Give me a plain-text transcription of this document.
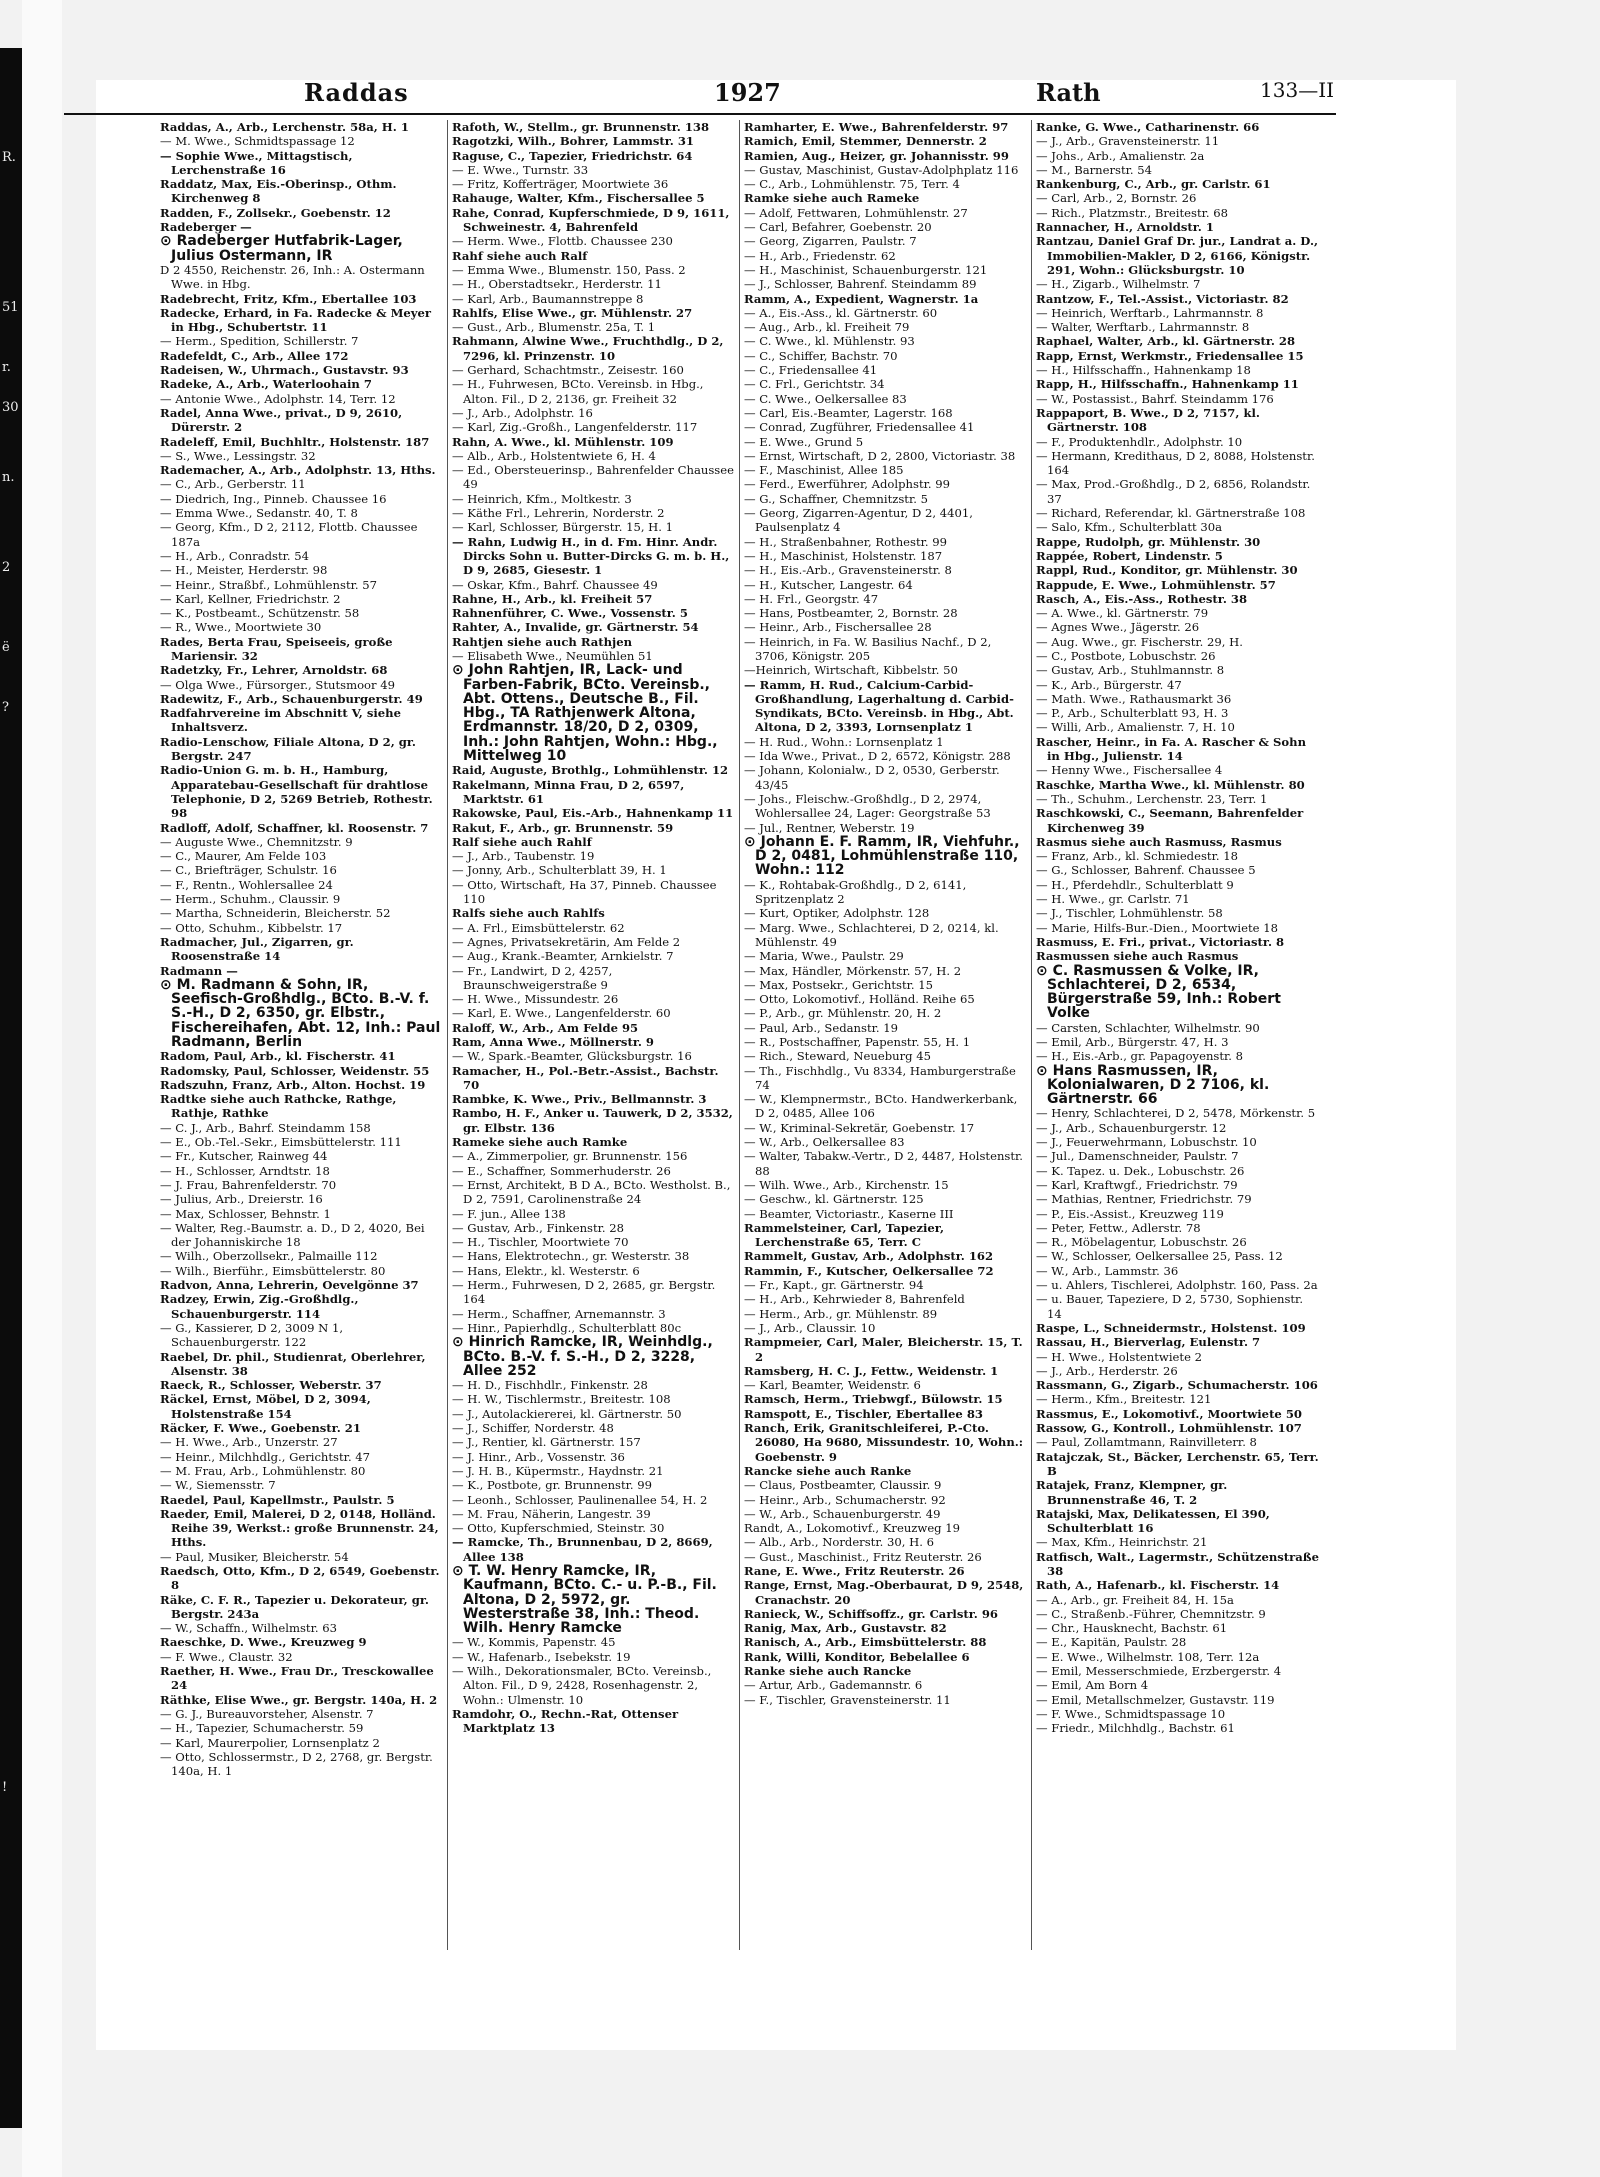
Raddas	1927	Rath	133—II

Raddas, A., Arb., Lerchenstr. 58a, H. 1

— M. Wwe., Schmidtspassage 12

— Sophie Wwe., Mittagstisch, Lerchenstraße 16

Raddatz, Max, Eis.-Oberinsp., Othm. Kirchenweg 8

Radden, F., Zollsekr., Goebenstr. 12

Radeberger —

⊙ Radeberger Hutfabrik-Lager, Julius Ostermann, IR

D 2 4550, Reichenstr. 26, Inh.: A. Ostermann Wwe. in Hbg.

Radebrecht, Fritz, Kfm., Ebertallee 103

Radecke, Erhard, in Fa. Radecke & Meyer in Hbg., Schubertstr. 11

— Herm., Spedition, Schillerstr. 7

Radefeldt, C., Arb., Allee 172

Radeisen, W., Uhrmach., Gustavstr. 93

Radeke, A., Arb., Waterloohain 7

— Antonie Wwe., Adolphstr. 14, Terr. 12

Radel, Anna Wwe., privat., D 9, 2610, Dürerstr. 2

Radeleff, Emil, Buchhltr., Holstenstr. 187

— S., Wwe., Lessingstr. 32

Rademacher, A., Arb., Adolphstr. 13, Hths.

— C., Arb., Gerberstr. 11

— Diedrich, Ing., Pinneb. Chaussee 16

— Emma Wwe., Sedanstr. 40, T. 8

— Georg, Kfm., D 2, 2112, Flottb. Chaussee 187a

— H., Arb., Conradstr. 54

— H., Meister, Herderstr. 98

— Heinr., Straßbf., Lohmühlenstr. 57

— Karl, Kellner, Friedrichstr. 2

— K., Postbeamt., Schützenstr. 58

— R., Wwe., Moortwiete 30

Rades, Berta Frau, Speiseeis, große Mariensir. 32

Radetzky, Fr., Lehrer, Arnoldstr. 68

— Olga Wwe., Fürsorger., Stutsmoor 49

Radewitz, F., Arb., Schauenburgerstr. 49

Radfahrvereine im Abschnitt V, siehe Inhaltsverz.

Radio-Lenschow, Filiale Altona, D 2, gr. Bergstr. 247

Radio-Union G. m. b. H., Hamburg, Apparatebau-Gesellschaft für drahtlose Telephonie, D 2, 5269 Betrieb, Rothestr. 98

Radloff, Adolf, Schaffner, kl. Roosenstr. 7

— Auguste Wwe., Chemnitzstr. 9

— C., Maurer, Am Felde 103

— C., Briefträger, Schulstr. 16

— F., Rentn., Wohlersallee 24

— Herm., Schuhm., Claussir. 9

— Martha, Schneiderin, Bleicherstr. 52

— Otto, Schuhm., Kibbelstr. 17

Radmacher, Jul., Zigarren, gr. Roosenstraße 14

Radmann —

⊙ M. Radmann & Sohn, IR, Seefisch-Großhdlg., BCto. B.-V. f. S.-H., D 2, 6350, gr. Elbstr., Fischereihafen, Abt. 12, Inh.: Paul Radmann, Berlin

Radom, Paul, Arb., kl. Fischerstr. 41

Radomsky, Paul, Schlosser, Weidenstr. 55

Radszuhn, Franz, Arb., Alton. Hochst. 19

Radtke siehe auch Rathcke, Rathge, Rathje, Rathke

— C. J., Arb., Bahrf. Steindamm 158

— E., Ob.-Tel.-Sekr., Eimsbüttelerstr. 111

— Fr., Kutscher, Rainweg 44

— H., Schlosser, Arndtstr. 18

— J. Frau, Bahrenfelderstr. 70

— Julius, Arb., Dreierstr. 16

— Max, Schlosser, Behnstr. 1

— Walter, Reg.-Baumstr. a. D., D 2, 4020, Bei der Johanniskirche 18

— Wilh., Oberzollsekr., Palmaille 112

— Wilh., Bierführ., Eimsbüttelerstr. 80

Radvon, Anna, Lehrerin, Oevelgönne 37

Radzey, Erwin, Zig.-Großhdlg., Schauenburgerstr. 114

— G., Kassierer, D 2, 3009 N 1, Schauenburgerstr. 122

Raebel, Dr. phil., Studienrat, Oberlehrer, Alsenstr. 38

Raeck, R., Schlosser, Weberstr. 37

Räckel, Ernst, Möbel, D 2, 3094, Holstenstraße 154

Räcker, F. Wwe., Goebenstr. 21

— H. Wwe., Arb., Unzerstr. 27

— Heinr., Milchhdlg., Gerichtstr. 47

— M. Frau, Arb., Lohmühlenstr. 80

— W., Siemensstr. 7

Raedel, Paul, Kapellmstr., Paulstr. 5

Raeder, Emil, Malerei, D 2, 0148, Holländ. Reihe 39, Werkst.: große Brunnenstr. 24, Hths.

— Paul, Musiker, Bleicherstr. 54

Raedsch, Otto, Kfm., D 2, 6549, Goebenstr. 8

Räke, C. F. R., Tapezier u. Dekorateur, gr. Bergstr. 243a

— W., Schaffn., Wilhelmstr. 63

Raeschke, D. Wwe., Kreuzweg 9

— F. Wwe., Claustr. 32

Raether, H. Wwe., Frau Dr., Tresckowallee 24

Räthke, Elise Wwe., gr. Bergstr. 140a, H. 2

— G. J., Bureauvorsteher, Alsenstr. 7

— H., Tapezier, Schumacherstr. 59

— Karl, Maurerpolier, Lornsenplatz 2

— Otto, Schlossermstr., D 2, 2768, gr. Bergstr. 140a, H. 1

Rafoth, W., Stellm., gr. Brunnenstr. 138

Ragotzki, Wilh., Bohrer, Lammstr. 31

Raguse, C., Tapezier, Friedrichstr. 64

— E. Wwe., Turnstr. 33

— Fritz, Kofferträger, Moortwiete 36

Rahauge, Walter, Kfm., Fischersallee 5

Rahe, Conrad, Kupferschmiede, D 9, 1611, Schweinestr. 4, Bahrenfeld

— Herm. Wwe., Flottb. Chaussee 230

Rahf siehe auch Ralf

— Emma Wwe., Blumenstr. 150, Pass. 2

— H., Oberstadtsekr., Herderstr. 11

— Karl, Arb., Baumannstreppe 8

Rahlfs, Elise Wwe., gr. Mühlenstr. 27

— Gust., Arb., Blumenstr. 25a, T. 1

Rahmann, Alwine Wwe., Fruchthdlg., D 2, 7296, kl. Prinzenstr. 10

— Gerhard, Schachtmstr., Zeisestr. 160

— H., Fuhrwesen, BCto. Vereinsb. in Hbg., Alton. Fil., D 2, 2136, gr. Freiheit 32

— J., Arb., Adolphstr. 16

— Karl, Zig.-Großh., Langenfelderstr. 117

Rahn, A. Wwe., kl. Mühlenstr. 109

— Alb., Arb., Holstentwiete 6, H. 4

— Ed., Obersteuerinsp., Bahrenfelder Chaussee 49

— Heinrich, Kfm., Moltkestr. 3

— Käthe Frl., Lehrerin, Norderstr. 2

— Karl, Schlosser, Bürgerstr. 15, H. 1

— Rahn, Ludwig H., in d. Fm. Hinr. Andr. Dircks Sohn u. Butter-Dircks G. m. b. H., D 9, 2685, Giesestr. 1

— Oskar, Kfm., Bahrf. Chaussee 49

Rahne, H., Arb., kl. Freiheit 57

Rahnenführer, C. Wwe., Vossenstr. 5

Rahter, A., Invalide, gr. Gärtnerstr. 54

Rahtjen siehe auch Rathjen

— Elisabeth Wwe., Neumühlen 51

⊙ John Rahtjen, IR, Lack- und Farben-Fabrik, BCto. Vereinsb., Abt. Ottens., Deutsche B., Fil. Hbg., TA Rathjenwerk Altona, Erdmannstr. 18/20, D 2, 0309, Inh.: John Rahtjen, Wohn.: Hbg., Mittelweg 10

Raid, Auguste, Brothlg., Lohmühlenstr. 12

Rakelmann, Minna Frau, D 2, 6597, Marktstr. 61

Rakowske, Paul, Eis.-Arb., Hahnenkamp 11

Rakut, F., Arb., gr. Brunnenstr. 59

Ralf siehe auch Rahlf

— J., Arb., Taubenstr. 19

— Jonny, Arb., Schulterblatt 39, H. 1

— Otto, Wirtschaft, Ha 37, Pinneb. Chaussee 110

Ralfs siehe auch Rahlfs

— A. Frl., Eimsbüttelerstr. 62

— Agnes, Privatsekretärin, Am Felde 2

— Aug., Krank.-Beamter, Arnkielstr. 7

— Fr., Landwirt, D 2, 4257, Braunschweigerstraße 9

— H. Wwe., Missundestr. 26

— Karl, E. Wwe., Langenfelderstr. 60

Raloff, W., Arb., Am Felde 95

Ram, Anna Wwe., Möllnerstr. 9

— W., Spark.-Beamter, Glücksburgstr. 16

Ramacher, H., Pol.-Betr.-Assist., Bachstr. 70

Rambke, K. Wwe., Priv., Bellmannstr. 3

Rambo, H. F., Anker u. Tauwerk, D 2, 3532, gr. Elbstr. 136

Rameke siehe auch Ramke

— A., Zimmerpolier, gr. Brunnenstr. 156

— E., Schaffner, Sommerhuderstr. 26

— Ernst, Architekt, B D A., BCto. Westholst. B., D 2, 7591, Carolinenstraße 24

— F. jun., Allee 138

— Gustav, Arb., Finkenstr. 28

— H., Tischler, Moortwiete 70

— Hans, Elektrotechn., gr. Westerstr. 38

— Hans, Elektr., kl. Westerstr. 6

— Herm., Fuhrwesen, D 2, 2685, gr. Bergstr. 164

— Herm., Schaffner, Arnemannstr. 3

— Hinr., Papierhdlg., Schulterblatt 80c

⊙ Hinrich Ramcke, IR, Weinhdlg., BCto. B.-V. f. S.-H., D 2, 3228, Allee 252

— H. D., Fischhdlr., Finkenstr. 28

— H. W., Tischlermstr., Breitestr. 108

— J., Autolackiererei, kl. Gärtnerstr. 50

— J., Schiffer, Norderstr. 48

— J., Rentier, kl. Gärtnerstr. 157

— J. Hinr., Arb., Vossenstr. 36

— J. H. B., Küpermstr., Haydnstr. 21

— K., Postbote, gr. Brunnenstr. 99

— Leonh., Schlosser, Paulinenallee 54, H. 2

— M. Frau, Näherin, Langestr. 39

— Otto, Kupferschmied, Steinstr. 30

— Ramcke, Th., Brunnenbau, D 2, 8669, Allee 138

⊙ T. W. Henry Ramcke, IR, Kaufmann, BCto. C.- u. P.-B., Fil. Altona, D 2, 5972, gr. Westerstraße 38, Inh.: Theod. Wilh. Henry Ramcke

— W., Kommis, Papenstr. 45

— W., Hafenarb., Isebekstr. 19

— Wilh., Dekorationsmaler, BCto. Vereinsb., Alton. Fil., D 9, 2428, Rosenhagenstr. 2, Wohn.: Ulmenstr. 10

Ramdohr, O., Rechn.-Rat, Ottenser Marktplatz 13

Ramharter, E. Wwe., Bahrenfelderstr. 97

Ramich, Emil, Stemmer, Dennerstr. 2

Ramien, Aug., Heizer, gr. Johannisstr. 99

— Gustav, Maschinist, Gustav-Adolphplatz 116

— C., Arb., Lohmühlenstr. 75, Terr. 4

Ramke siehe auch Rameke

— Adolf, Fettwaren, Lohmühlenstr. 27

— Carl, Befahrer, Goebenstr. 20

— Georg, Zigarren, Paulstr. 7

— H., Arb., Friedenstr. 62

— H., Maschinist, Schauenburgerstr. 121

— J., Schlosser, Bahrenf. Steindamm 89

Ramm, A., Expedient, Wagnerstr. 1a

— A., Eis.-Ass., kl. Gärtnerstr. 60

— Aug., Arb., kl. Freiheit 79

— C. Wwe., kl. Mühlenstr. 93

— C., Schiffer, Bachstr. 70

— C., Friedensallee 41

— C. Frl., Gerichtstr. 34

— C. Wwe., Oelkersallee 83

— Carl, Eis.-Beamter, Lagerstr. 168

— Conrad, Zugführer, Friedensallee 41

— E. Wwe., Grund 5

— Ernst, Wirtschaft, D 2, 2800, Victoriastr. 38

— F., Maschinist, Allee 185

— Ferd., Ewerführer, Adolphstr. 99

— G., Schaffner, Chemnitzstr. 5

— Georg, Zigarren-Agentur, D 2, 4401, Paulsenplatz 4

— H., Straßenbahner, Rothestr. 99

— H., Maschinist, Holstenstr. 187

— H., Eis.-Arb., Gravensteinerstr. 8

— H., Kutscher, Langestr. 64

— H. Frl., Georgstr. 47

— Hans, Postbeamter, 2, Bornstr. 28

— Heinr., Arb., Fischersallee 28

— Heinrich, in Fa. W. Basilius Nachf., D 2, 3706, Königstr. 205

—Heinrich, Wirtschaft, Kibbelstr. 50

— Ramm, H. Rud., Calcium-Carbid-Großhandlung, Lagerhaltung d. Carbid-Syndikats, BCto. Vereinsb. in Hbg., Abt. Altona, D 2, 3393, Lornsenplatz 1

— H. Rud., Wohn.: Lornsenplatz 1

— Ida Wwe., Privat., D 2, 6572, Königstr. 288

— Johann, Kolonialw., D 2, 0530, Gerberstr. 43/45

— Johs., Fleischw.-Großhdlg., D 2, 2974, Wohlersallee 24, Lager: Georgstraße 53

— Jul., Rentner, Weberstr. 19

⊙ Johann E. F. Ramm, IR, Viehfuhr., D 2, 0481, Lohmühlenstraße 110, Wohn.: 112

— K., Rohtabak-Großhdlg., D 2, 6141, Spritzenplatz 2

— Kurt, Optiker, Adolphstr. 128

— Marg. Wwe., Schlachterei, D 2, 0214, kl. Mühlenstr. 49

— Maria, Wwe., Paulstr. 29

— Max, Händler, Mörkenstr. 57, H. 2

— Max, Postsekr., Gerichtstr. 15

— Otto, Lokomotivf., Holländ. Reihe 65

— P., Arb., gr. Mühlenstr. 20, H. 2

— Paul, Arb., Sedanstr. 19

— R., Postschaffner, Papenstr. 55, H. 1

— Rich., Steward, Neueburg 45

— Th., Fischhdlg., Vu 8334, Hamburgerstraße 74

— W., Klempnermstr., BCto. Handwerkerbank, D 2, 0485, Allee 106

— W., Kriminal-Sekretär, Goebenstr. 17

— W., Arb., Oelkersallee 83

— Walter, Tabakw.-Vertr., D 2, 4487, Holstenstr. 88

— Wilh. Wwe., Arb., Kirchenstr. 15

— Geschw., kl. Gärtnerstr. 125

— Beamter, Victoriastr., Kaserne III

Rammelsteiner, Carl, Tapezier, Lerchenstraße 65, Terr. C

Rammelt, Gustav, Arb., Adolphstr. 162

Rammin, F., Kutscher, Oelkersallee 72

— Fr., Kapt., gr. Gärtnerstr. 94

— H., Arb., Kehrwieder 8, Bahrenfeld

— Herm., Arb., gr. Mühlenstr. 89

— J., Arb., Claussir. 10

Rampmeier, Carl, Maler, Bleicherstr. 15, T. 2

Ramsberg, H. C. J., Fettw., Weidenstr. 1

— Karl, Beamter, Weidenstr. 6

Ramsch, Herm., Triebwgf., Bülowstr. 15

Ramspott, E., Tischler, Ebertallee 83

Ranch, Erik, Granitschleiferei, P.-Cto. 26080, Ha 9680, Missundestr. 10, Wohn.: Goebenstr. 9

Rancke siehe auch Ranke

— Claus, Postbeamter, Claussir. 9

— Heinr., Arb., Schumacherstr. 92

— W., Arb., Schauenburgerstr. 49

Randt, A., Lokomotivf., Kreuzweg 19

— Alb., Arb., Norderstr. 30, H. 6

— Gust., Maschinist., Fritz Reuterstr. 26

Rane, E. Wwe., Fritz Reuterstr. 26

Range, Ernst, Mag.-Oberbaurat, D 9, 2548, Cranachstr. 20

Ranieck, W., Schiffsoffz., gr. Carlstr. 96

Ranig, Max, Arb., Gustavstr. 82

Ranisch, A., Arb., Eimsbüttelerstr. 88

Rank, Willi, Konditor, Bebelallee 6

Ranke siehe auch Rancke

— Artur, Arb., Gademannstr. 6

— F., Tischler, Gravensteinerstr. 11

Ranke, G. Wwe., Catharinenstr. 66

— J., Arb., Gravensteinerstr. 11

— Johs., Arb., Amalienstr. 2a

— M., Barnerstr. 54

Rankenburg, C., Arb., gr. Carlstr. 61

— Carl, Arb., 2, Bornstr. 26

— Rich., Platzmstr., Breitestr. 68

Rannacher, H., Arnoldstr. 1

Rantzau, Daniel Graf Dr. jur., Landrat a. D., Immobilien-Makler, D 2, 6166, Königstr. 291, Wohn.: Glücksburgstr. 10

— H., Zigarb., Wilhelmstr. 7

Rantzow, F., Tel.-Assist., Victoriastr. 82

— Heinrich, Werftarb., Lahrmannstr. 8

— Walter, Werftarb., Lahrmannstr. 8

Raphael, Walter, Arb., kl. Gärtnerstr. 28

Rapp, Ernst, Werkmstr., Friedensallee 15

— H., Hilfsschaffn., Hahnenkamp 18

Rapp, H., Hilfsschaffn., Hahnenkamp 11

— W., Postassist., Bahrf. Steindamm 176

Rappaport, B. Wwe., D 2, 7157, kl. Gärtnerstr. 108

— F., Produktenhdlr., Adolphstr. 10

— Hermann, Kredithaus, D 2, 8088, Holstenstr. 164

— Max, Prod.-Großhdlg., D 2, 6856, Rolandstr. 37

— Richard, Referendar, kl. Gärtnerstraße 108

— Salo, Kfm., Schulterblatt 30a

Rappe, Rudolph, gr. Mühlenstr. 30

Rappée, Robert, Lindenstr. 5

Rappl, Rud., Konditor, gr. Mühlenstr. 30

Rappude, E. Wwe., Lohmühlenstr. 57

Rasch, A., Eis.-Ass., Rothestr. 38

— A. Wwe., kl. Gärtnerstr. 79

— Agnes Wwe., Jägerstr. 26

— Aug. Wwe., gr. Fischerstr. 29, H.

— C., Postbote, Lobuschstr. 26

— Gustav, Arb., Stuhlmannstr. 8

— K., Arb., Bürgerstr. 47

— Math. Wwe., Rathausmarkt 36

— P., Arb., Schulterblatt 93, H. 3

— Willi, Arb., Amalienstr. 7, H. 10

Rascher, Heinr., in Fa. A. Rascher & Sohn in Hbg., Julienstr. 14

— Henny Wwe., Fischersallee 4

Raschke, Martha Wwe., kl. Mühlenstr. 80

— Th., Schuhm., Lerchenstr. 23, Terr. 1

Raschkowski, C., Seemann, Bahrenfelder Kirchenweg 39

Rasmus siehe auch Rasmuss, Rasmus

— Franz, Arb., kl. Schmiedestr. 18

— G., Schlosser, Bahrenf. Chaussee 5

— H., Pferdehdlr., Schulterblatt 9

— H. Wwe., gr. Carlstr. 71

— J., Tischler, Lohmühlenstr. 58

— Marie, Hilfs-Bur.-Dien., Moortwiete 18

Rasmuss, E. Fri., privat., Victoriastr. 8

Rasmussen siehe auch Rasmus

⊙ C. Rasmussen & Volke, IR, Schlachterei, D 2, 6534, Bürgerstraße 59, Inh.: Robert Volke

— Carsten, Schlachter, Wilhelmstr. 90

— Emil, Arb., Bürgerstr. 47, H. 3

— H., Eis.-Arb., gr. Papagoyenstr. 8

⊙ Hans Rasmussen, IR, Kolonialwaren, D 2 7106, kl. Gärtnerstr. 66

— Henry, Schlachterei, D 2, 5478, Mörkenstr. 5

— J., Arb., Schauenburgerstr. 12

— J., Feuerwehrmann, Lobuschstr. 10

— Jul., Damenschneider, Paulstr. 7

— K. Tapez. u. Dek., Lobuschstr. 26

— Karl, Kraftwgf., Friedrichstr. 79

— Mathias, Rentner, Friedrichstr. 79

— P., Eis.-Assist., Kreuzweg 119

— Peter, Fettw., Adlerstr. 78

— R., Möbelagentur, Lobuschstr. 26

— W., Schlosser, Oelkersallee 25, Pass. 12

— W., Arb., Lammstr. 36

— u. Ahlers, Tischlerei, Adolphstr. 160, Pass. 2a

— u. Bauer, Tapeziere, D 2, 5730, Sophienstr. 14

Raspe, L., Schneidermstr., Holstenst. 109

Rassau, H., Bierverlag, Eulenstr. 7

— H. Wwe., Holstentwiete 2

— J., Arb., Herderstr. 26

Rassmann, G., Zigarb., Schumacherstr. 106

— Herm., Kfm., Breitestr. 121

Rassmus, E., Lokomotivf., Moortwiete 50

Rassow, G., Kontroll., Lohmühlenstr. 107

— Paul, Zollamtmann, Rainvilleterr. 8

Ratajczak, St., Bäcker, Lerchenstr. 65, Terr. B

Ratajek, Franz, Klempner, gr. Brunnenstraße 46, T. 2

Ratajski, Max, Delikatessen, El 390, Schulterblatt 16

— Max, Kfm., Heinrichstr. 21

Ratfisch, Walt., Lagermstr., Schützenstraße 38

Rath, A., Hafenarb., kl. Fischerstr. 14

— A., Arb., gr. Freiheit 84, H. 15a

— C., Straßenb.-Führer, Chemnitzstr. 9

— Chr., Hausknecht, Bachstr. 61

— E., Kapitän, Paulstr. 28

— E. Wwe., Wilhelmstr. 108, Terr. 12a

— Emil, Messerschmiede, Erzbergerstr. 4

— Emil, Am Born 4

— Emil, Metallschmelzer, Gustavstr. 119

— F. Wwe., Schmidtspassage 10

— Friedr., Milchhdlg., Bachstr. 61

R.
51
r.
30
n.
2
ë
?
!
